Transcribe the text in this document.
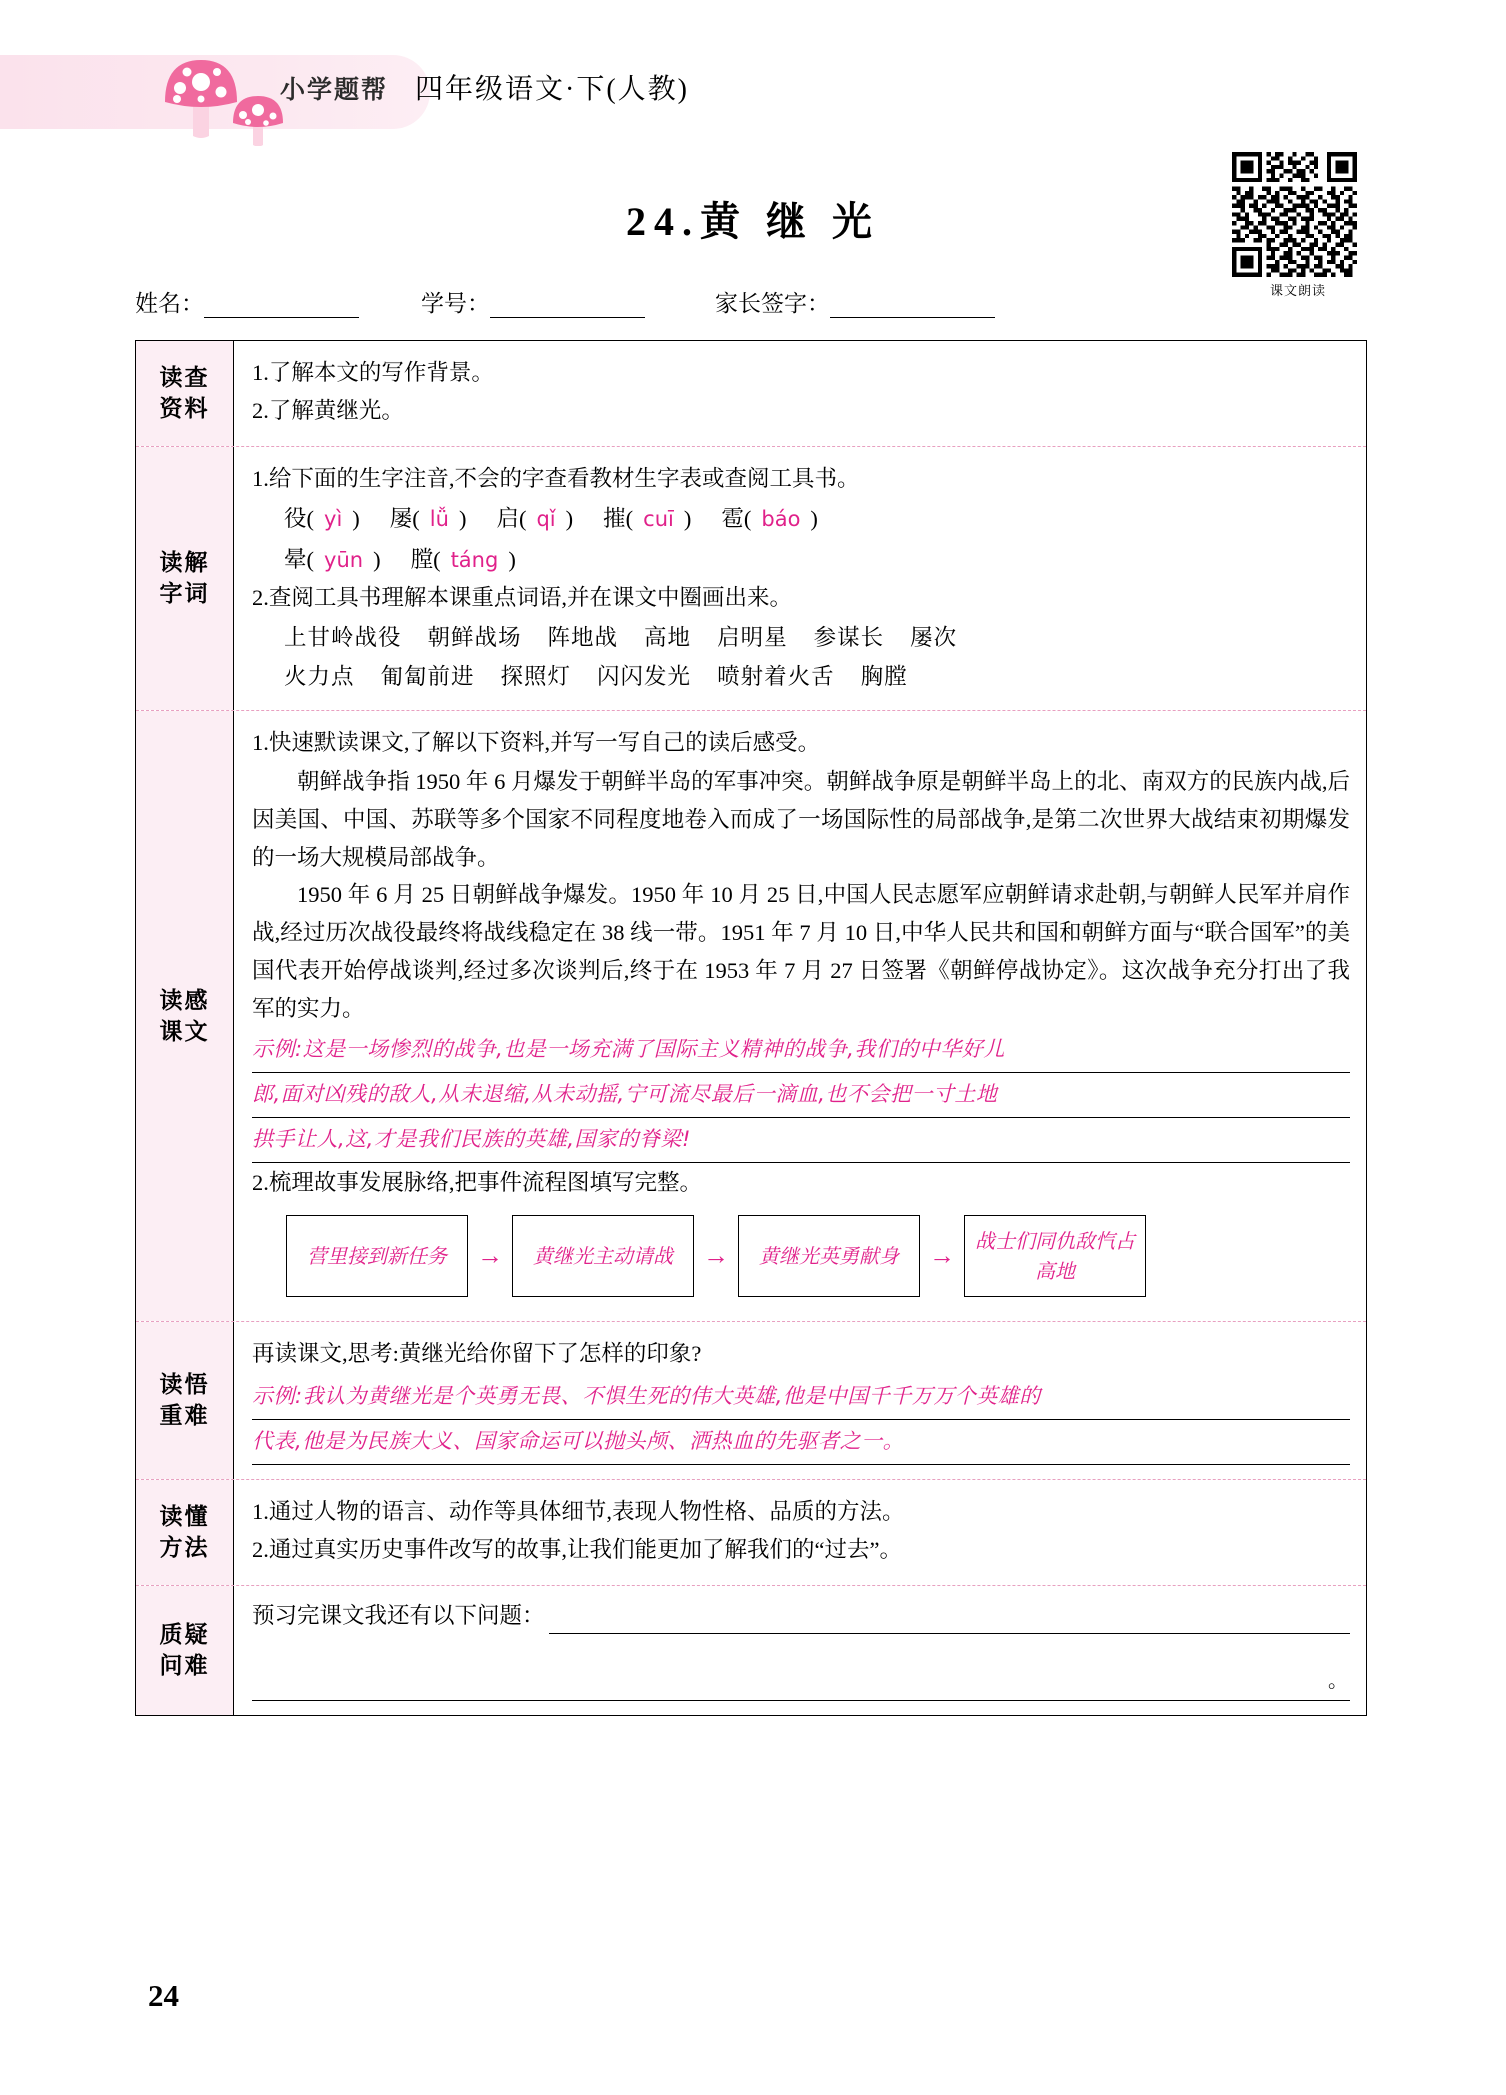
小学题帮 四年级语文·下(人教)
课文朗读
24.黄 继 光
姓名：	学号：	家长签字：
读查
资料
1.了解本文的写作背景。
2.了解黄继光。
读解
字词
1.给下面的生字注音,不会的字查看教材生字表或查阅工具书。
役( yì ) 屡( lǚ ) 启( qǐ ) 摧( cuī ) 雹( báo )
晕( yūn ) 膛( táng )
2.查阅工具书理解本课重点词语,并在课文中圈画出来。
上甘岭战役 朝鲜战场 阵地战 高地 启明星 参谋长 屡次
火力点 匍匐前进 探照灯 闪闪发光 喷射着火舌 胸膛
读感
课文
1.快速默读课文,了解以下资料,并写一写自己的读后感受。

朝鲜战争指 1950 年 6 月爆发于朝鲜半岛的军事冲突。朝鲜战争原是朝鲜半岛上的北、南双方的民族内战,后因美国、中国、苏联等多个国家不同程度地卷入而成了一场国际性的局部战争,是第二次世界大战结束初期爆发的一场大规模局部战争。

1950 年 6 月 25 日朝鲜战争爆发。1950 年 10 月 25 日,中国人民志愿军应朝鲜请求赴朝,与朝鲜人民军并肩作战,经过历次战役最终将战线稳定在 38 线一带。1951 年 7 月 10 日,中华人民共和国和朝鲜方面与“联合国军”的美国代表开始停战谈判,经过多次谈判后,终于在 1953 年 7 月 27 日签署《朝鲜停战协定》。这次战争充分打出了我军的实力。

示例:这是一场惨烈的战争,也是一场充满了国际主义精神的战争,我们的中华好儿
郎,面对凶残的敌人,从未退缩,从未动摇,宁可流尽最后一滴血,也不会把一寸土地
拱手让人,这,才是我们民族的英雄,国家的脊梁!
2.梳理故事发展脉络,把事件流程图填写完整。
营里接到新任务	→	黄继光主动请战	→	黄继光英勇献身	→	战士们同仇敌忾占高地
读悟
重难
再读课文,思考:黄继光给你留下了怎样的印象?
示例:我认为黄继光是个英勇无畏、不惧生死的伟大英雄,他是中国千千万万个英雄的
代表,他是为民族大义、国家命运可以抛头颅、洒热血的先驱者之一。
读懂
方法
1.通过人物的语言、动作等具体细节,表现人物性格、品质的方法。
2.通过真实历史事件改写的故事,让我们能更加了解我们的“过去”。
质疑
问难
预习完课文我还有以下问题：
。
24
